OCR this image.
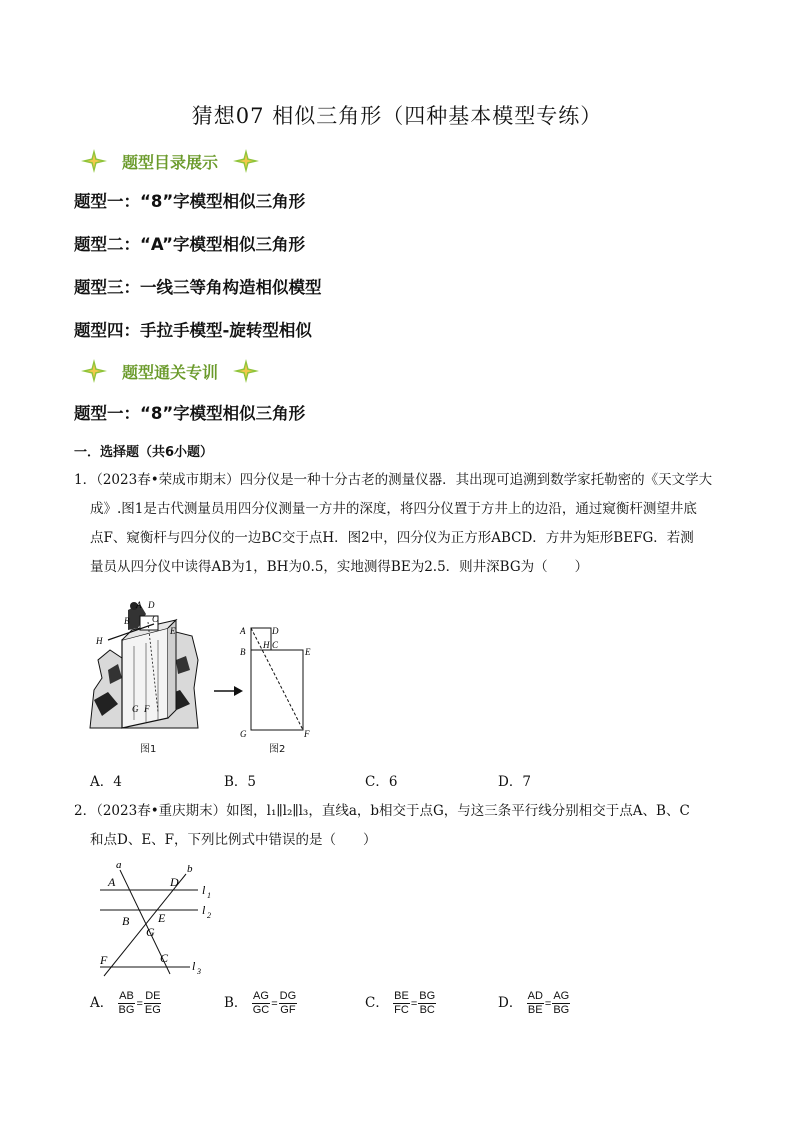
猜想07 相似三角形（四种基本模型专练）
题型目录展示
题型一：“8”字模型相似三角形
题型二：“A”字模型相似三角形
题型三：一线三等角构造相似模型
题型四：手拉手模型-旋转型相似
题型通关专训
题型一：“8”字模型相似三角形
一．选择题（共6小题）
1．（2023春•荣成市期末）四分仪是一种十分古老的测量仪器．其出现可追溯到数学家托勒密的《天文学大
成》.图1是古代测量员用四分仪测量一方井的深度，将四分仪置于方井上的边沿，通过窥衡杆测望井底
点F、窥衡杆与四分仪的一边BC交于点H．图2中，四分仪为正方形ABCD．方井为矩形BEFG．若测
量员从四分仪中读得AB为1，BH为0.5，实地测得BE为2.5．则井深BG为（　　）
A D
B	C
E
H
G F
图1
A	D
B
H C
E
G	F
图2
A．4	B．5	C．6	D．7
2．（2023春•重庆期末）如图，l₁∥l₂∥l₃，直线a，b相交于点G，与这三条平行线分别相交于点A、B、C
和点D、E、F，下列比例式中错误的是（　　）
a	b
A	D
B E
G
F	C
l 1
l 2
l 3
A． $\frac{AB}{BG} = \frac{DE}{EG}$	B． $\frac{AG}{GC} = \frac{DG}{GF}$	C． $\frac{BE}{FC} = \frac{BG}{BC}$	D． $\frac{AD}{BE} = \frac{AG}{BG}$
